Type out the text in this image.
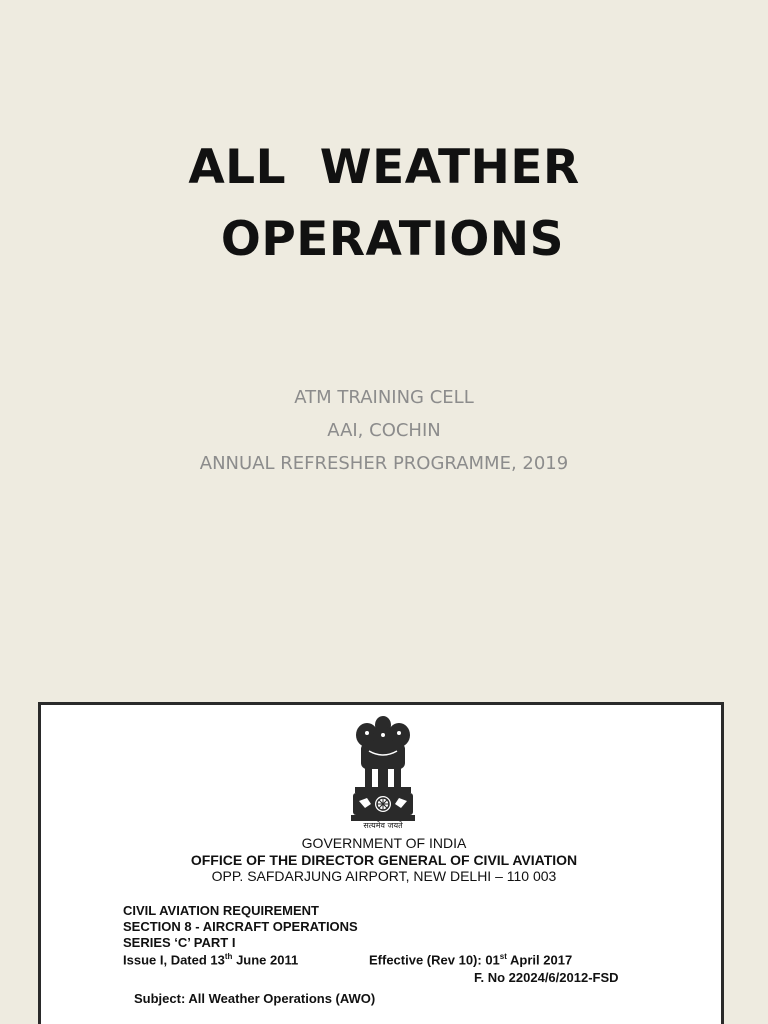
ALL  WEATHER
OPERATIONS
ATM TRAINING CELL
AAI, COCHIN
ANNUAL REFRESHER PROGRAMME, 2019
सत्यमेव जयते
GOVERNMENT OF INDIA
OFFICE OF THE DIRECTOR GENERAL OF CIVIL AVIATION
OPP. SAFDARJUNG AIRPORT, NEW DELHI – 110 003
CIVIL AVIATION REQUIREMENT
SECTION 8 - AIRCRAFT OPERATIONS
SERIES ‘C’ PART I
Issue I, Dated 13th June 2011	Effective (Rev 10): 01st April 2017
F. No 22024/6/2012-FSD
Subject: All Weather Operations (AWO)
